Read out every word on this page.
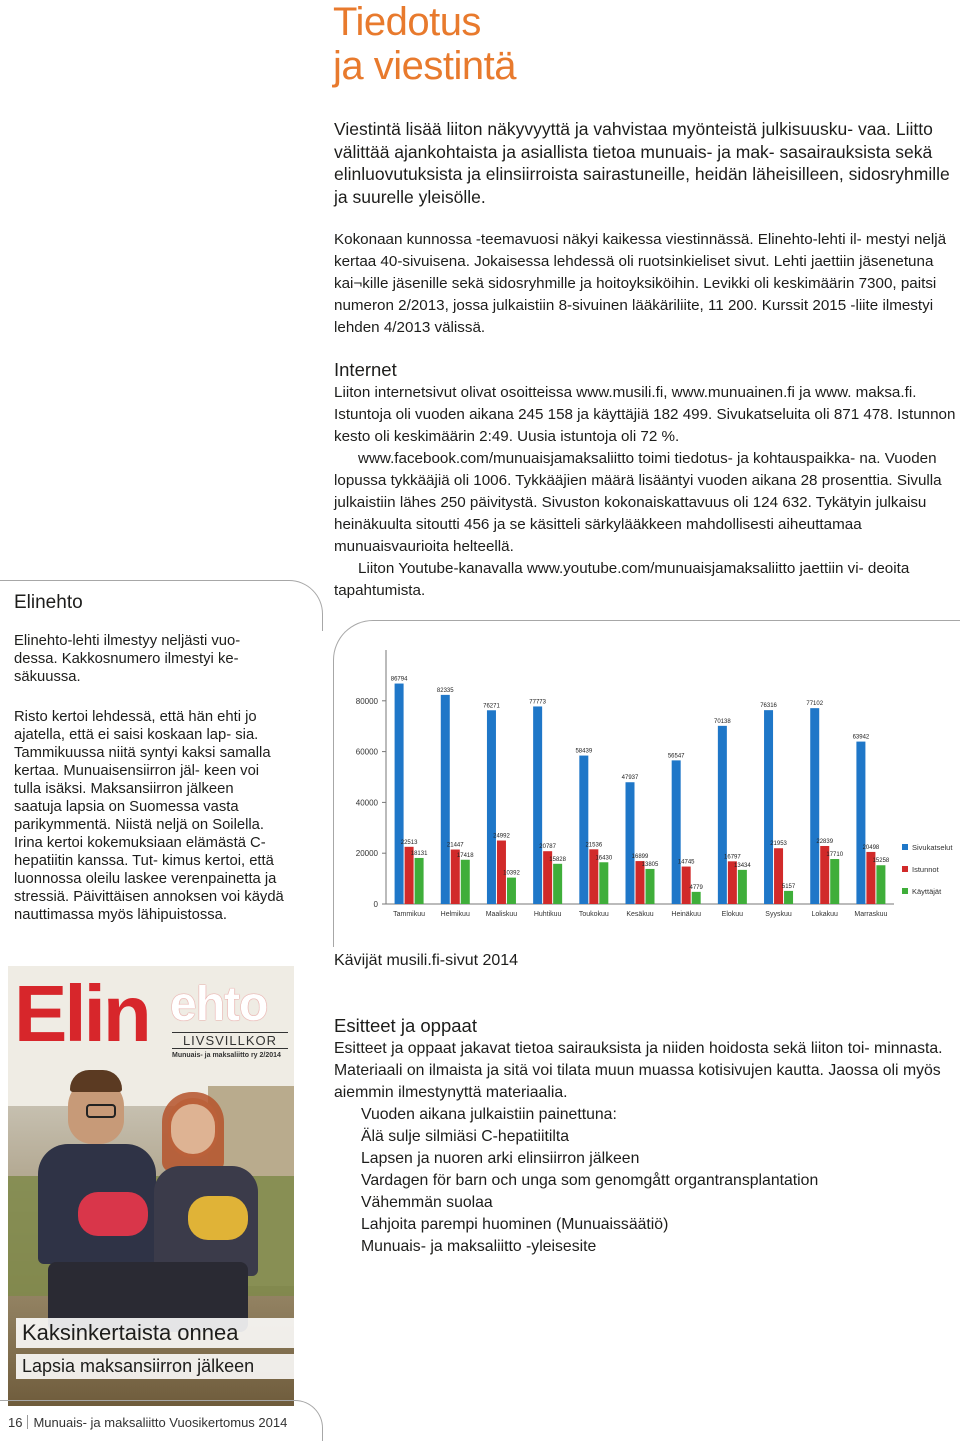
Tiedotus
ja viestintä
Viestintä lisää liiton näkyvyyttä ja vahvistaa myönteistä julkisuusku- vaa. Liitto välittää ajankohtaista ja asiallista tietoa munuais- ja mak- sasairauksista sekä elinluovutuksista ja elinsiirroista sairastuneille, heidän läheisilleen, sidosryhmille ja suurelle yleisölle.
Kokonaan kunnossa -teemavuosi näkyi kaikessa viestinnässä. Elinehto-lehti il- mestyi neljä kertaa 40-sivuisena. Jokaisessa lehdessä oli ruotsinkieliset sivut. Lehti jaettiin jäsenetuna kai¬kille jäsenille sekä sidosryhmille ja hoitoyksiköihin. Levikki oli keskimäärin 7300, paitsi numeron 2/2013, jossa julkaistiin 8-sivuinen lääkäriliite, 11 200. Kurssit 2015 -liite ilmestyi lehden 4/2013 välissä.
Internet

Liiton internetsivut olivat osoitteissa www.musili.fi, www.munuainen.fi ja www. maksa.fi. Istuntoja oli vuoden aikana 245 158 ja käyttäjiä 182 499. Sivukatseluita oli 871 478. Istunnon kesto oli keskimäärin 2:49. Uusia istuntoja oli 72 %.

www.facebook.com/munuaisjamaksaliitto toimi tiedotus- ja kohtauspaikka- na. Vuoden lopussa tykkääjiä oli 1006. Tykkääjien määrä lisääntyi vuoden aikana 28 prosenttia. Sivulla julkaistiin lähes 250 päivitystä. Sivuston kokonaiskattavuus oli 124 632. Tykätyin julkaisu heinäkuulta sitoutti 456 ja se käsitteli särkylääkkeen mahdollisesti aiheuttamaa munuaisvaurioita helteellä.

Liiton Youtube-kanavalla www.youtube.com/munuaisjamaksaliitto jaettiin vi- deoita tapahtumista.

Elinehto
Elinehto-lehti ilmestyy neljästi vuo- dessa. Kakkosnumero ilmestyi ke- säkuussa.
Risto kertoi lehdessä, että hän ehti jo ajatella, että ei saisi koskaan lap- sia. Tammikuussa niitä syntyi kaksi samalla kertaa. Munuaisensiirron jäl- keen voi tulla isäksi. Maksansiirron jälkeen saatuja lapsia on Suomessa vasta parikymmentä. Niistä neljä on Soilella. Irina kertoi kokemuksiaan elämästä C-hepatiitin kanssa. Tut- kimus kertoi, että luonnossa oleilu laskee verenpainetta ja stressiä. Päivittäisen annoksen voi käydä nauttimassa myös lähipuistossa.
0
20000
40000
60000
80000
86794
22513
18131
Tammikuu
82335
21447
17418
Helmikuu
76271
24992
10392
Maaliskuu
77773
20787
15828
Huhtikuu
58439
21536
16430
Toukokuu
47937
16899
13805
Kesäkuu
56547
14745
4779
Heinäkuu
70138
16797
13434
Elokuu
76316
21953
5157
Syyskuu
77102
22839
17710
Lokakuu
63942
20498
15258
Marraskuu
Sivukatselut
Istunnot
Käyttäjät
Kävijät musili.fi-sivut 2014
Esitteet ja oppaat

Esitteet ja oppaat jakavat tietoa sairauksista ja niiden hoidosta sekä liiton toi- minnasta. Materiaali on ilmaista ja sitä voi tilata muun muassa kotisivujen kautta. Jaossa oli myös aiemmin ilmestynyttä materiaalia.

Vuoden aikana julkaistiin painettuna:
Älä sulje silmiäsi C-hepatiitilta
Lapsen ja nuoren arki elinsiirron jälkeen
Vardagen för barn och unga som genomgått organtransplantation
Vähemmän suolaa
Lahjoita parempi huominen (Munuaissäätiö)
Munuais- ja maksaliitto -yleisesite
Elin ehto
LIVSVILLKOR
Munuais- ja maksaliitto ry 2/2014
Kaksinkertaista onnea
Lapsia maksansiirron jälkeen
16 Munuais- ja maksaliitto Vuosikertomus 2014
